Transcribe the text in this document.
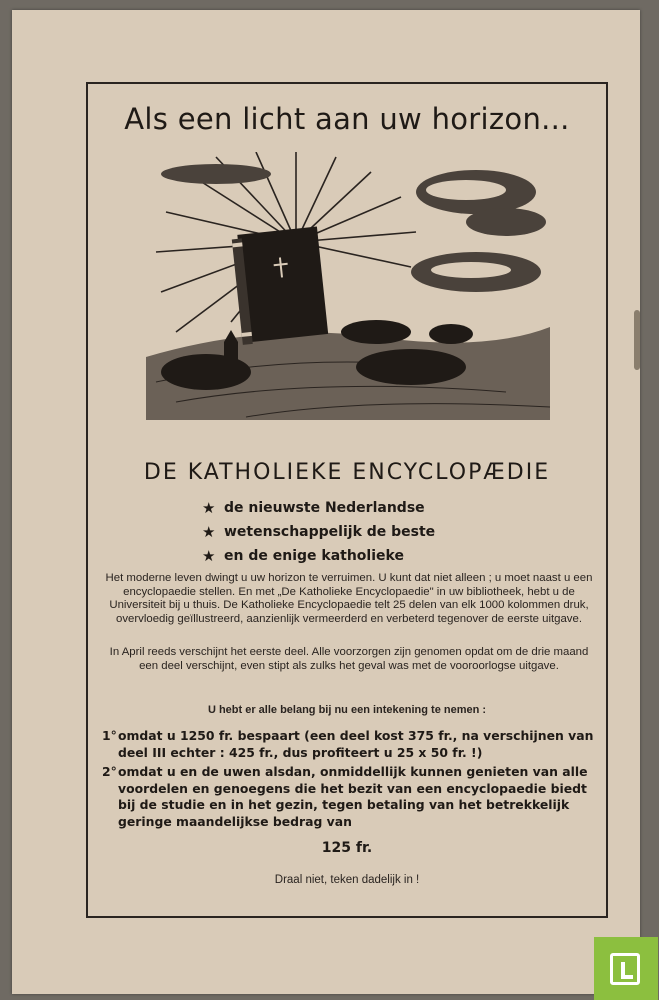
Als een licht aan uw horizon...
DE KATHOLIEKE ENCYCLOPÆDIE
★ de nieuwste Nederlandse
★ wetenschappelijk de beste
★ en de enige katholieke
Het moderne leven dwingt u uw horizon te verruimen. U kunt dat niet alleen ; u moet naast u een encyclopaedie stellen. En met „De Katholieke Encyclopaedie" in uw bibliotheek, hebt u de Universiteit bij u thuis. De Katholieke Encyclopaedie telt 25 delen van elk 1000 kolommen druk, overvloedig geïllustreerd, aanzienlijk vermeerderd en verbeterd tegenover de eerste uitgave.
In April reeds verschijnt het eerste deel. Alle voorzorgen zijn genomen opdat om de drie maand een deel verschijnt, even stipt als zulks het geval was met de vooroorlogse uitgave.
U hebt er alle belang bij nu een intekening te nemen :
1° omdat u 1250 fr. bespaart (een deel kost 375 fr., na verschijnen van deel III echter : 425 fr., dus profiteert u 25 x 50 fr. !)
2° omdat u en de uwen alsdan, onmiddellijk kunnen genieten van alle voordelen en genoegens die het bezit van een encyclopaedie biedt bij de studie en in het gezin, tegen betaling van het betrekkelijk geringe maandelijkse bedrag van
125 fr.
Draal niet, teken dadelijk in !
